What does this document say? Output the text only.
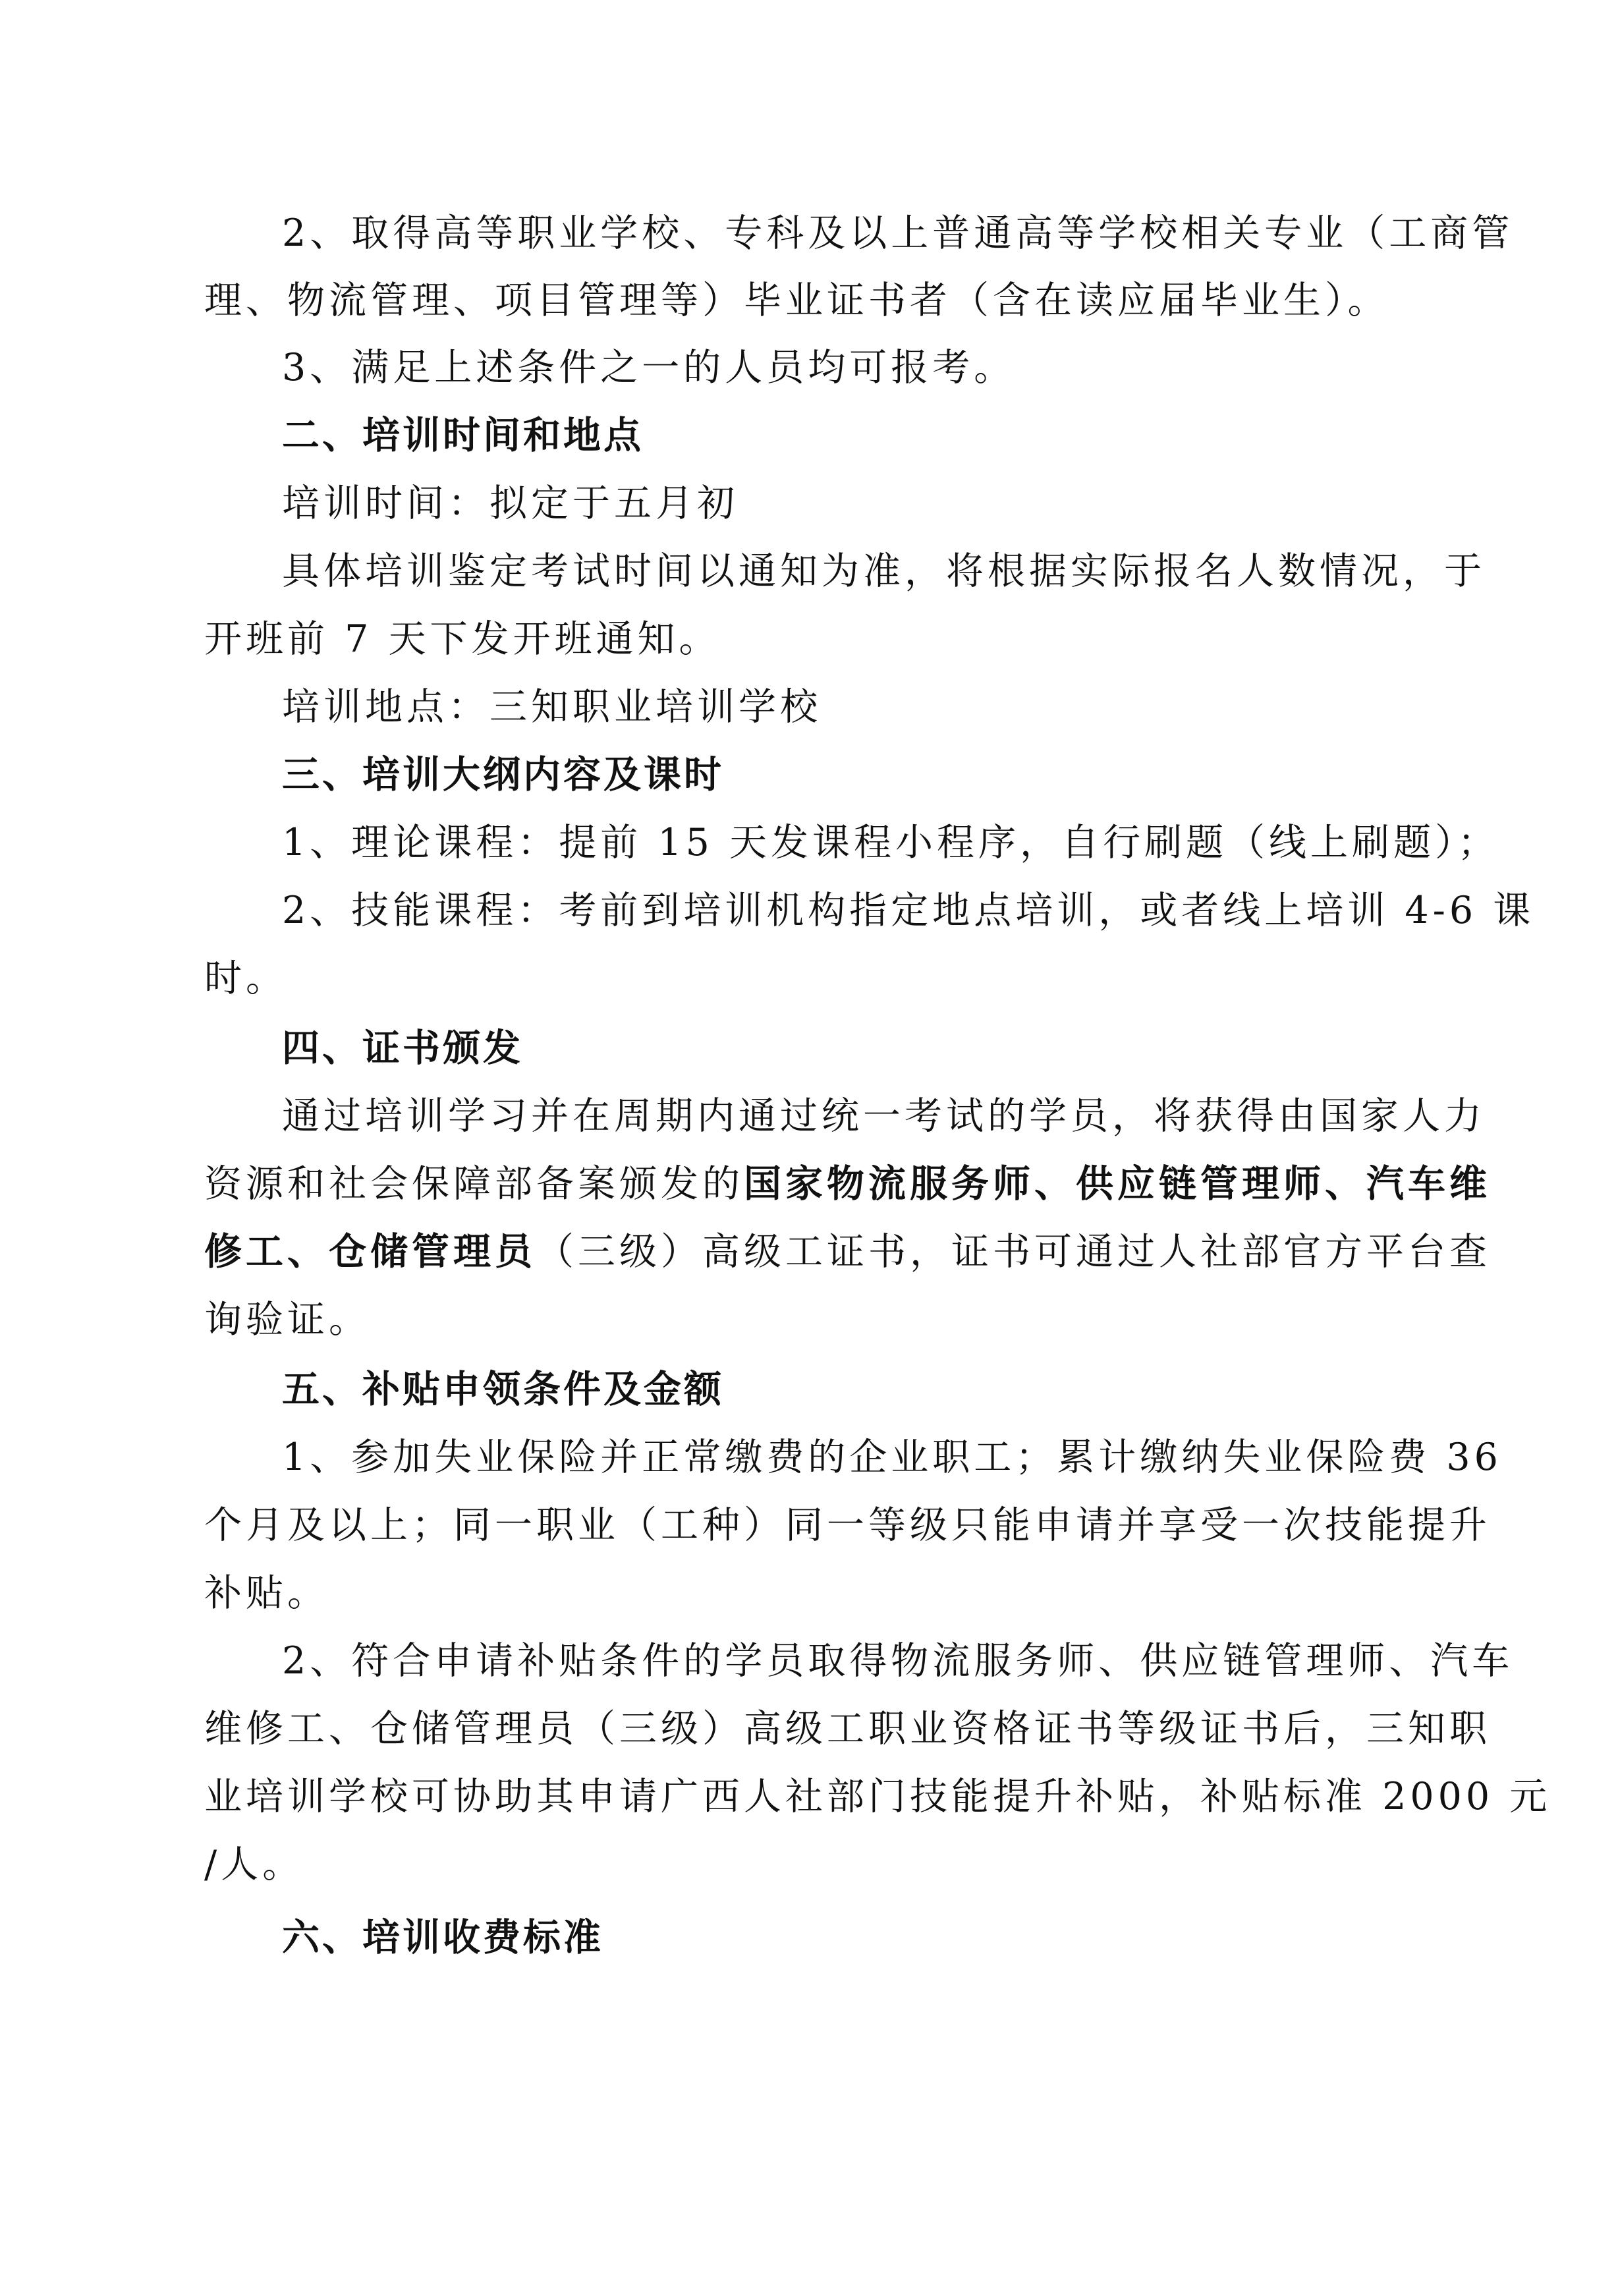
2、取得高等职业学校、专科及以上普通高等学校相关专业（工商管
理、物流管理、项目管理等）毕业证书者（含在读应届毕业生）。
3、满足上述条件之一的人员均可报考。
二、培训时间和地点
培训时间：拟定于五月初
具体培训鉴定考试时间以通知为准，将根据实际报名人数情况，于
开班前 7 天下发开班通知。
培训地点：三知职业培训学校
三、培训大纲内容及课时
1、理论课程：提前 15 天发课程小程序，自行刷题（线上刷题）；
2、技能课程：考前到培训机构指定地点培训，或者线上培训 4-6 课
时。
四、证书颁发
通过培训学习并在周期内通过统一考试的学员，将获得由国家人力
资源和社会保障部备案颁发的国家物流服务师、供应链管理师、汽车维
修工、仓储管理员（三级）高级工证书，证书可通过人社部官方平台查
询验证。
五、补贴申领条件及金额
1、参加失业保险并正常缴费的企业职工；累计缴纳失业保险费 36
个月及以上；同一职业（工种）同一等级只能申请并享受一次技能提升
补贴。
2、符合申请补贴条件的学员取得物流服务师、供应链管理师、汽车
维修工、仓储管理员（三级）高级工职业资格证书等级证书后，三知职
业培训学校可协助其申请广西人社部门技能提升补贴，补贴标准 2000 元
/人。
六、培训收费标准
